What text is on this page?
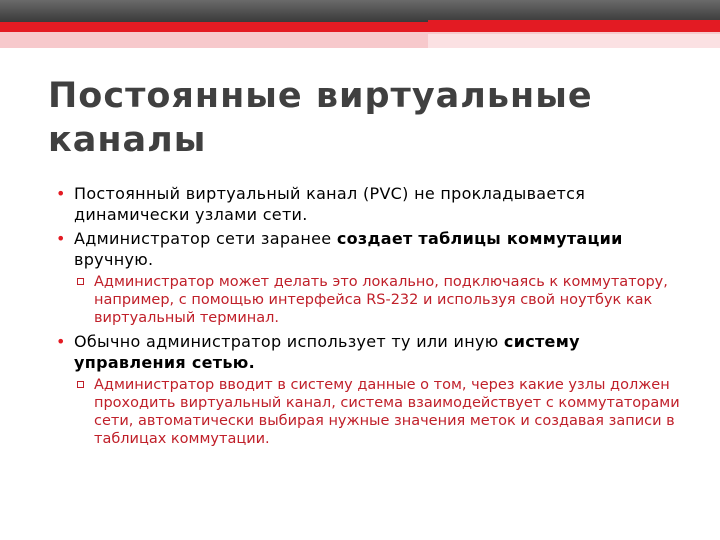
Постоянные виртуальные
каналы
• Постоянный виртуальный канал (PVC) не прокладывается динамически узлами сети.
• Администратор сети заранее создает таблицы коммутации вручную.
Администратор может делать это локально, подключаясь к коммутатору, например, с помощью интерфейса RS-232 и используя свой ноутбук как виртуальный терминал.
• Обычно администратор использует ту или иную систему управления сетью.
Администратор вводит в систему данные о том, через какие узлы должен проходить виртуальный канал, система взаимодействует с коммутаторами сети, автоматически выбирая нужные значения меток и создавая записи в таблицах коммутации.
